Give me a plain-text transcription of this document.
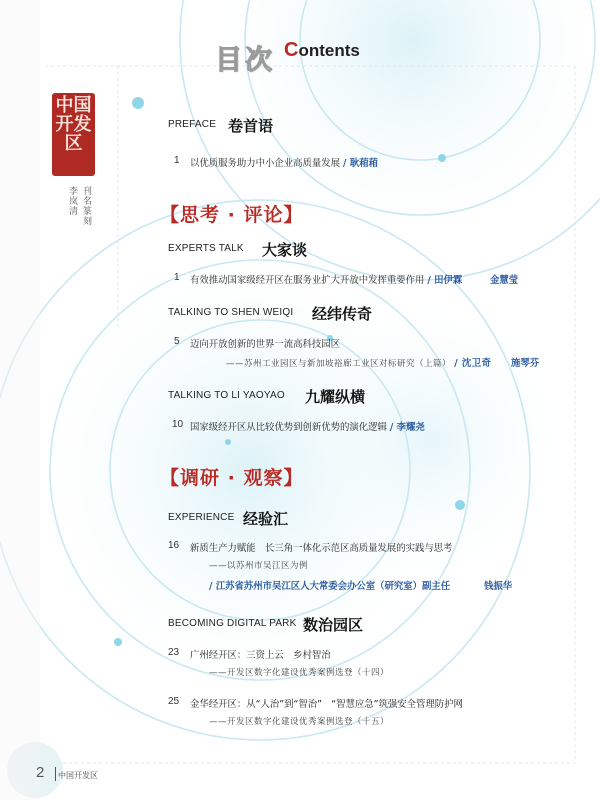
目次 Contents
中国开发区
刊名篆刻
李岚清
PREFACE 卷首语
1 以优质服务助力中小企业高质量发展 / 耿葙葙
【思考 · 评论】
EXPERTS TALK 大家谈
1 有效推动国家级经开区在服务业扩大开放中发挥重要作用 / 田伊霖	金慧莹
TALKING TO SHEN WEIQI 经纬传奇
5 迈向开放创新的世界一流高科技园区
——苏州工业园区与新加坡裕廊工业区对标研究（上篇） / 沈卫奇 施琴芬
TALKING TO LI YAOYAO 九耀纵横
10 国家级经开区从比较优势到创新优势的演化逻辑 / 李耀尧
【调研 · 观察】
EXPERIENCE 经验汇
16 新质生产力赋能　长三角一体化示范区高质量发展的实践与思考
——以苏州市吴江区为例
/ 江苏省苏州市吴江区人大常委会办公室（研究室）副主任	钱振华
BECOMING DIGITAL PARK 数治园区
23 广州经开区：三资上云　乡村智治
——开发区数字化建设优秀案例选登（十四）
25 金华经开区：从“人治”到“智治”　“智慧应急”筑强安全管理防护网
——开发区数字化建设优秀案例选登（十五）
2 中国开发区
